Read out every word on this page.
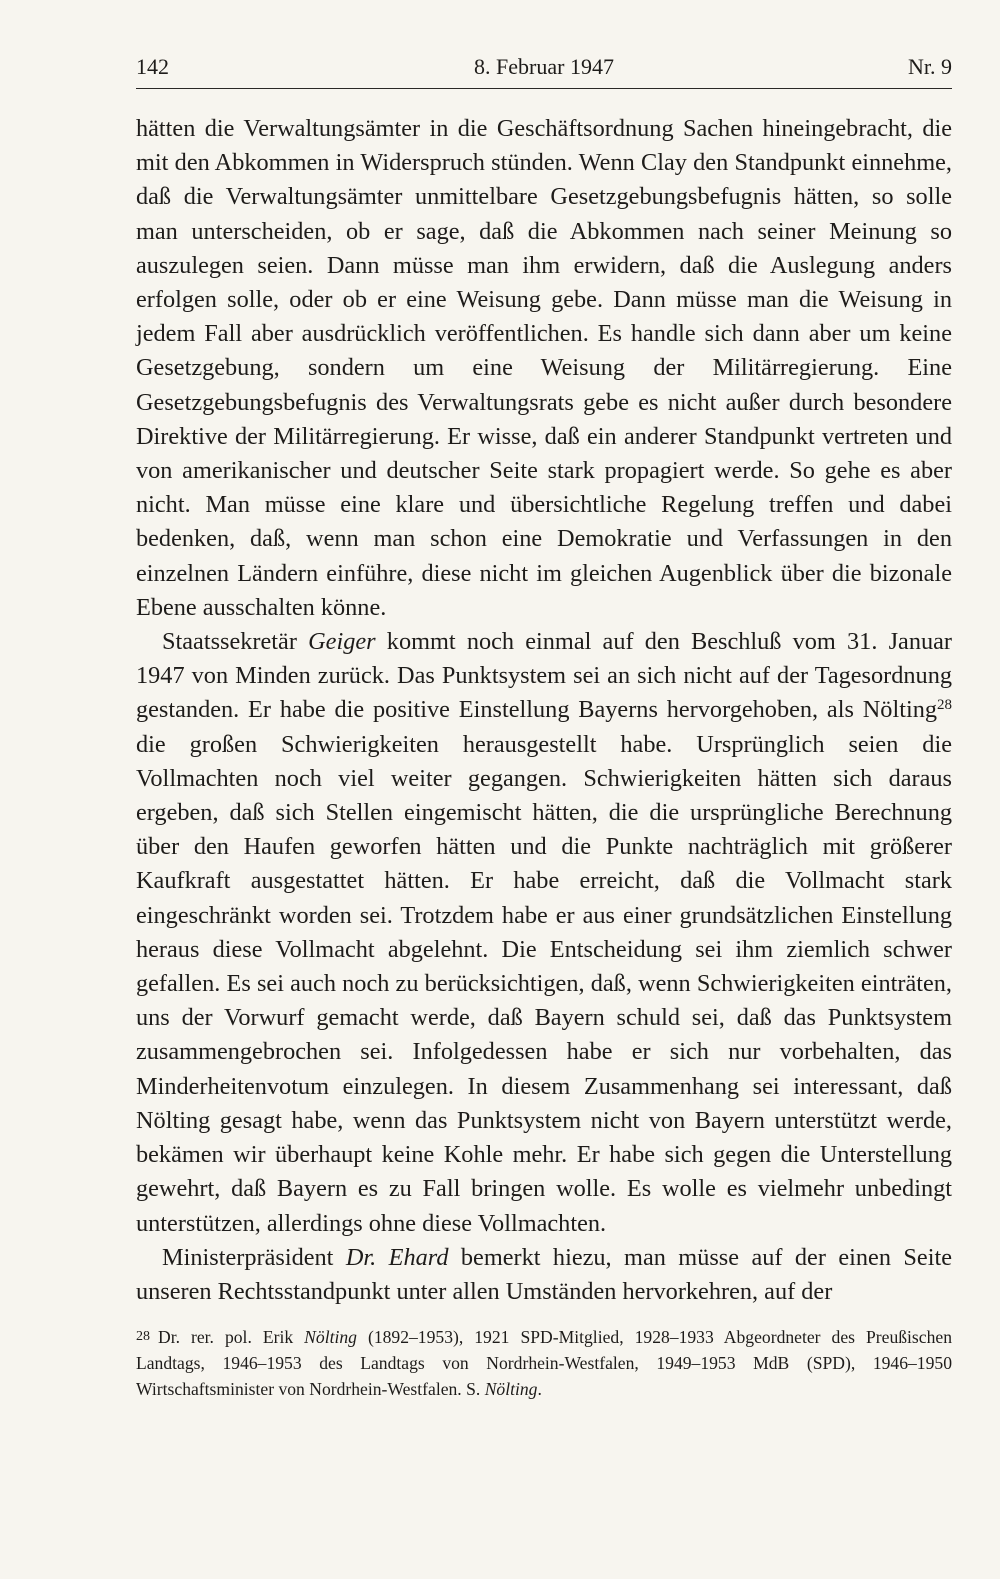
8. Februar 1947
142	Nr. 9

hätten die Verwaltungsämter in die Geschäftsordnung Sachen hineingebracht, die mit den Abkommen in Widerspruch stünden. Wenn Clay den Standpunkt einnehme, daß die Verwaltungsämter unmittelbare Gesetzgebungsbefugnis hätten, so solle man unterscheiden, ob er sage, daß die Abkommen nach seiner Meinung so auszulegen seien. Dann müsse man ihm erwidern, daß die Auslegung anders erfolgen solle, oder ob er eine Weisung gebe. Dann müsse man die Weisung in jedem Fall aber ausdrücklich veröffentlichen. Es handle sich dann aber um keine Gesetzgebung, sondern um eine Weisung der Militärregierung. Eine Gesetzgebungsbefugnis des Verwaltungsrats gebe es nicht außer durch besondere Direktive der Militärregierung. Er wisse, daß ein anderer Standpunkt vertreten und von amerikanischer und deutscher Seite stark propagiert werde. So gehe es aber nicht. Man müsse eine klare und übersichtliche Regelung treffen und dabei bedenken, daß, wenn man schon eine Demokratie und Verfassungen in den einzelnen Ländern einführe, diese nicht im gleichen Augenblick über die bizonale Ebene ausschalten könne.

Staatssekretär Geiger kommt noch einmal auf den Beschluß vom 31. Januar 1947 von Minden zurück. Das Punktsystem sei an sich nicht auf der Tagesordnung gestanden. Er habe die positive Einstellung Bayerns hervorgehoben, als Nölting$^{28}$ die großen Schwierigkeiten herausgestellt habe. Ursprünglich seien die Vollmachten noch viel weiter gegangen. Schwierigkeiten hätten sich daraus ergeben, daß sich Stellen eingemischt hätten, die die ursprüngliche Berechnung über den Haufen geworfen hätten und die Punkte nachträglich mit größerer Kaufkraft ausgestattet hätten. Er habe erreicht, daß die Vollmacht stark eingeschränkt worden sei. Trotzdem habe er aus einer grundsätzlichen Einstellung heraus diese Vollmacht abgelehnt. Die Entscheidung sei ihm ziemlich schwer gefallen. Es sei auch noch zu berücksichtigen, daß, wenn Schwierigkeiten einträten, uns der Vorwurf gemacht werde, daß Bayern schuld sei, daß das Punktsystem zusammengebrochen sei. Infolgedessen habe er sich nur vorbehalten, das Minderheitenvotum einzulegen. In diesem Zusammenhang sei interessant, daß Nölting gesagt habe, wenn das Punktsystem nicht von Bayern unterstützt werde, bekämen wir überhaupt keine Kohle mehr. Er habe sich gegen die Unterstellung gewehrt, daß Bayern es zu Fall bringen wolle. Es wolle es vielmehr unbedingt unterstützen, allerdings ohne diese Vollmachten.

Ministerpräsident Dr. Ehard bemerkt hiezu, man müsse auf der einen Seite unseren Rechtsstandpunkt unter allen Umständen hervorkehren, auf der

28 Dr. rer. pol. Erik Nölting (1892–1953), 1921 SPD-Mitglied, 1928–1933 Abgeordneter des Preußischen Landtags, 1946–1953 des Landtags von Nordrhein-Westfalen, 1949–1953 MdB (SPD), 1946–1950 Wirtschaftsminister von Nordrhein-Westfalen. S. Nölting.
